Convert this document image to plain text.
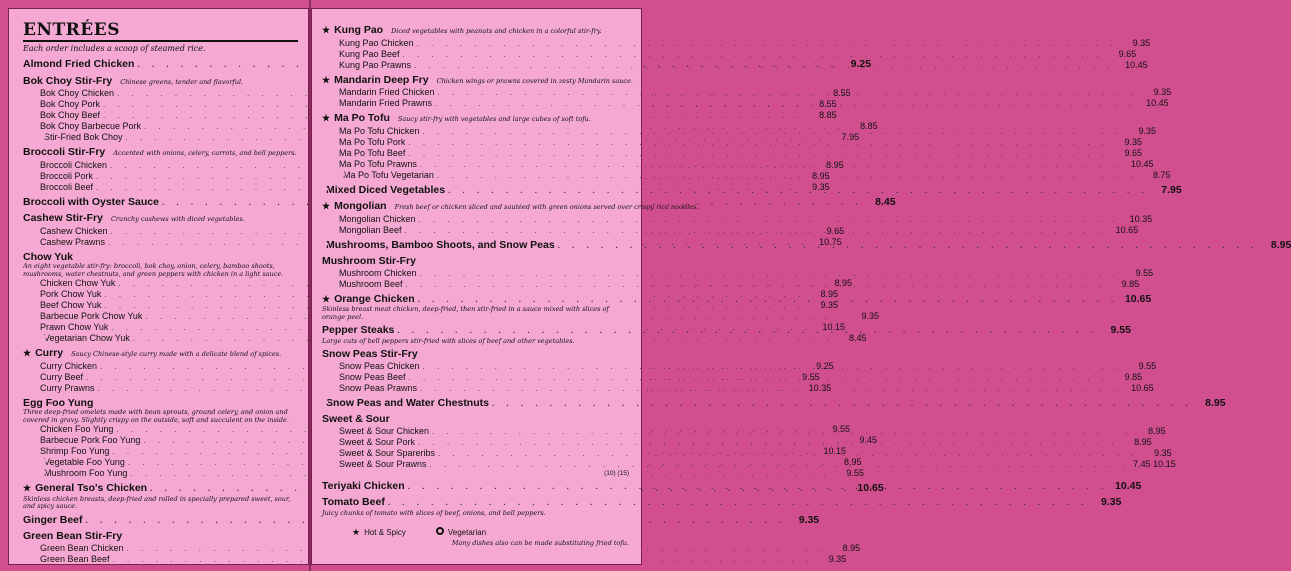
ENTRÉES
Each order includes a scoop of steamed rice.
Almond Fried Chicken . . .	9.25
Bok Choy Stir-Fry Chinese greens, tender and flavorful.
Bok Choy Chicken . . .	8.55
Bok Choy Pork . . .	8.55
Bok Choy Beef . . .	8.85
Bok Choy Barbecue Pork . . .	8.85
Stir-Fried Bok Choy . . .	7.95
Broccoli Stir-Fry Accented with onions, celery, carrots, and bell peppers.
Broccoli Chicken . . .	8.95
Broccoli Pork . . .	8.95
Broccoli Beef . . .	9.35
Broccoli with Oyster Sauce . . .	8.45
Cashew Stir-Fry Crunchy cashews with diced vegetables.
Cashew Chicken . . .	9.65
Cashew Prawns . . .	10.75
Chow Yuk
An eight vegetable stir-fry: broccoli, bok choy, onion, celery, bamboo shoots, mushrooms, water chestnuts, and green peppers with chicken in a light sauce.
Chicken Chow Yuk . . .	8.95
Pork Chow Yuk . . .	8.95
Beef Chow Yuk . . .	9.35
Barbecue Pork Chow Yuk . . .	9.35
Prawn Chow Yuk . . .	10.15
Vegetarian Chow Yuk . . .	8.45
★ Curry Saucy Chinese-style curry made with a delicate blend of spices.
Curry Chicken . . .	9.25
Curry Beef . . .	9.55
Curry Prawns . . .	10.35
Egg Foo Yung
Three deep-fried omelets made with bean sprouts, ground celery, and onion and covered in gravy. Slightly crispy on the outside, soft and succulent on the inside.
Chicken Foo Yung . . .	9.55
Barbecue Pork Foo Yung . . .	9.45
Shrimp Foo Yung . . .	10.15
Vegetable Foo Yung . . .	8.95
Mushroom Foo Yung . . .	9.55
★ General Tso's Chicken . . .	10.65
Skinless chicken breasts, deep-fried and rolled in specially prepared sweet, sour, and spicy sauce.
Ginger Beef . . .	9.35
Green Bean Stir-Fry
Green Bean Chicken . . .	8.95
Green Bean Beef . . .	9.35
★ Kung Pao Diced vegetables with peanuts and chicken in a colorful stir-fry.
Kung Pao Chicken . . .	9.35
Kung Pao Beef . . .	9.65
Kung Pao Prawns . . .	10.45
★ Mandarin Deep Fry Chicken wings or prawns covered in zesty Mandarin sauce.
Mandarin Fried Chicken . . .	9.35
Mandarin Fried Prawns . . .	10.45
★ Ma Po Tofu Saucy stir-fry with vegetables and large cubes of soft tofu.
Ma Po Tofu Chicken . . .	9.35
Ma Po Tofu Pork . . .	9.35
Ma Po Tofu Beef . . .	9.65
Ma Po Tofu Prawns . . .	10.45
Ma Po Tofu Vegetarian . . .	8.75
Mixed Diced Vegetables . . .	7.95
★ Mongolian Fresh beef or chicken sliced and sautéed with green onions served over crispy rice noodles.
Mongolian Chicken . . .	10.35
Mongolian Beef . . .	10.65
Mushrooms, Bamboo Shoots, and Snow Peas . . .	8.95
Mushroom Stir-Fry
Mushroom Chicken . . .	9.55
Mushroom Beef . . .	9.85
★ Orange Chicken . . .	10.65
Skinless breast meat chicken, deep-fried, then stir-fried in a sauce mixed with slices of orange peel.
Pepper Steaks . . .	9.55
Large cuts of bell peppers stir-fried with slices of beef and other vegetables.
Snow Peas Stir-Fry
Snow Peas Chicken . . .	9.55
Snow Peas Beef . . .	9.85
Snow Peas Prawns . . .	10.65
Snow Peas and Water Chestnuts . . .	8.95
Sweet & Sour
Sweet & Sour Chicken . . .	8.95
Sweet & Sour Pork . . .	8.95
Sweet & Sour Spareribs . . .	9.35
Sweet & Sour Prawns . . .	7.45 10.15
(10) (15)
Teriyaki Chicken . . .	10.45
Tomato Beef . . .	9.35
Juicy chunks of tomato with slices of beef, onions, and bell peppers.
★ Hot & Spicy	Vegetarian
Many dishes also can be made substituting fried tofu.
